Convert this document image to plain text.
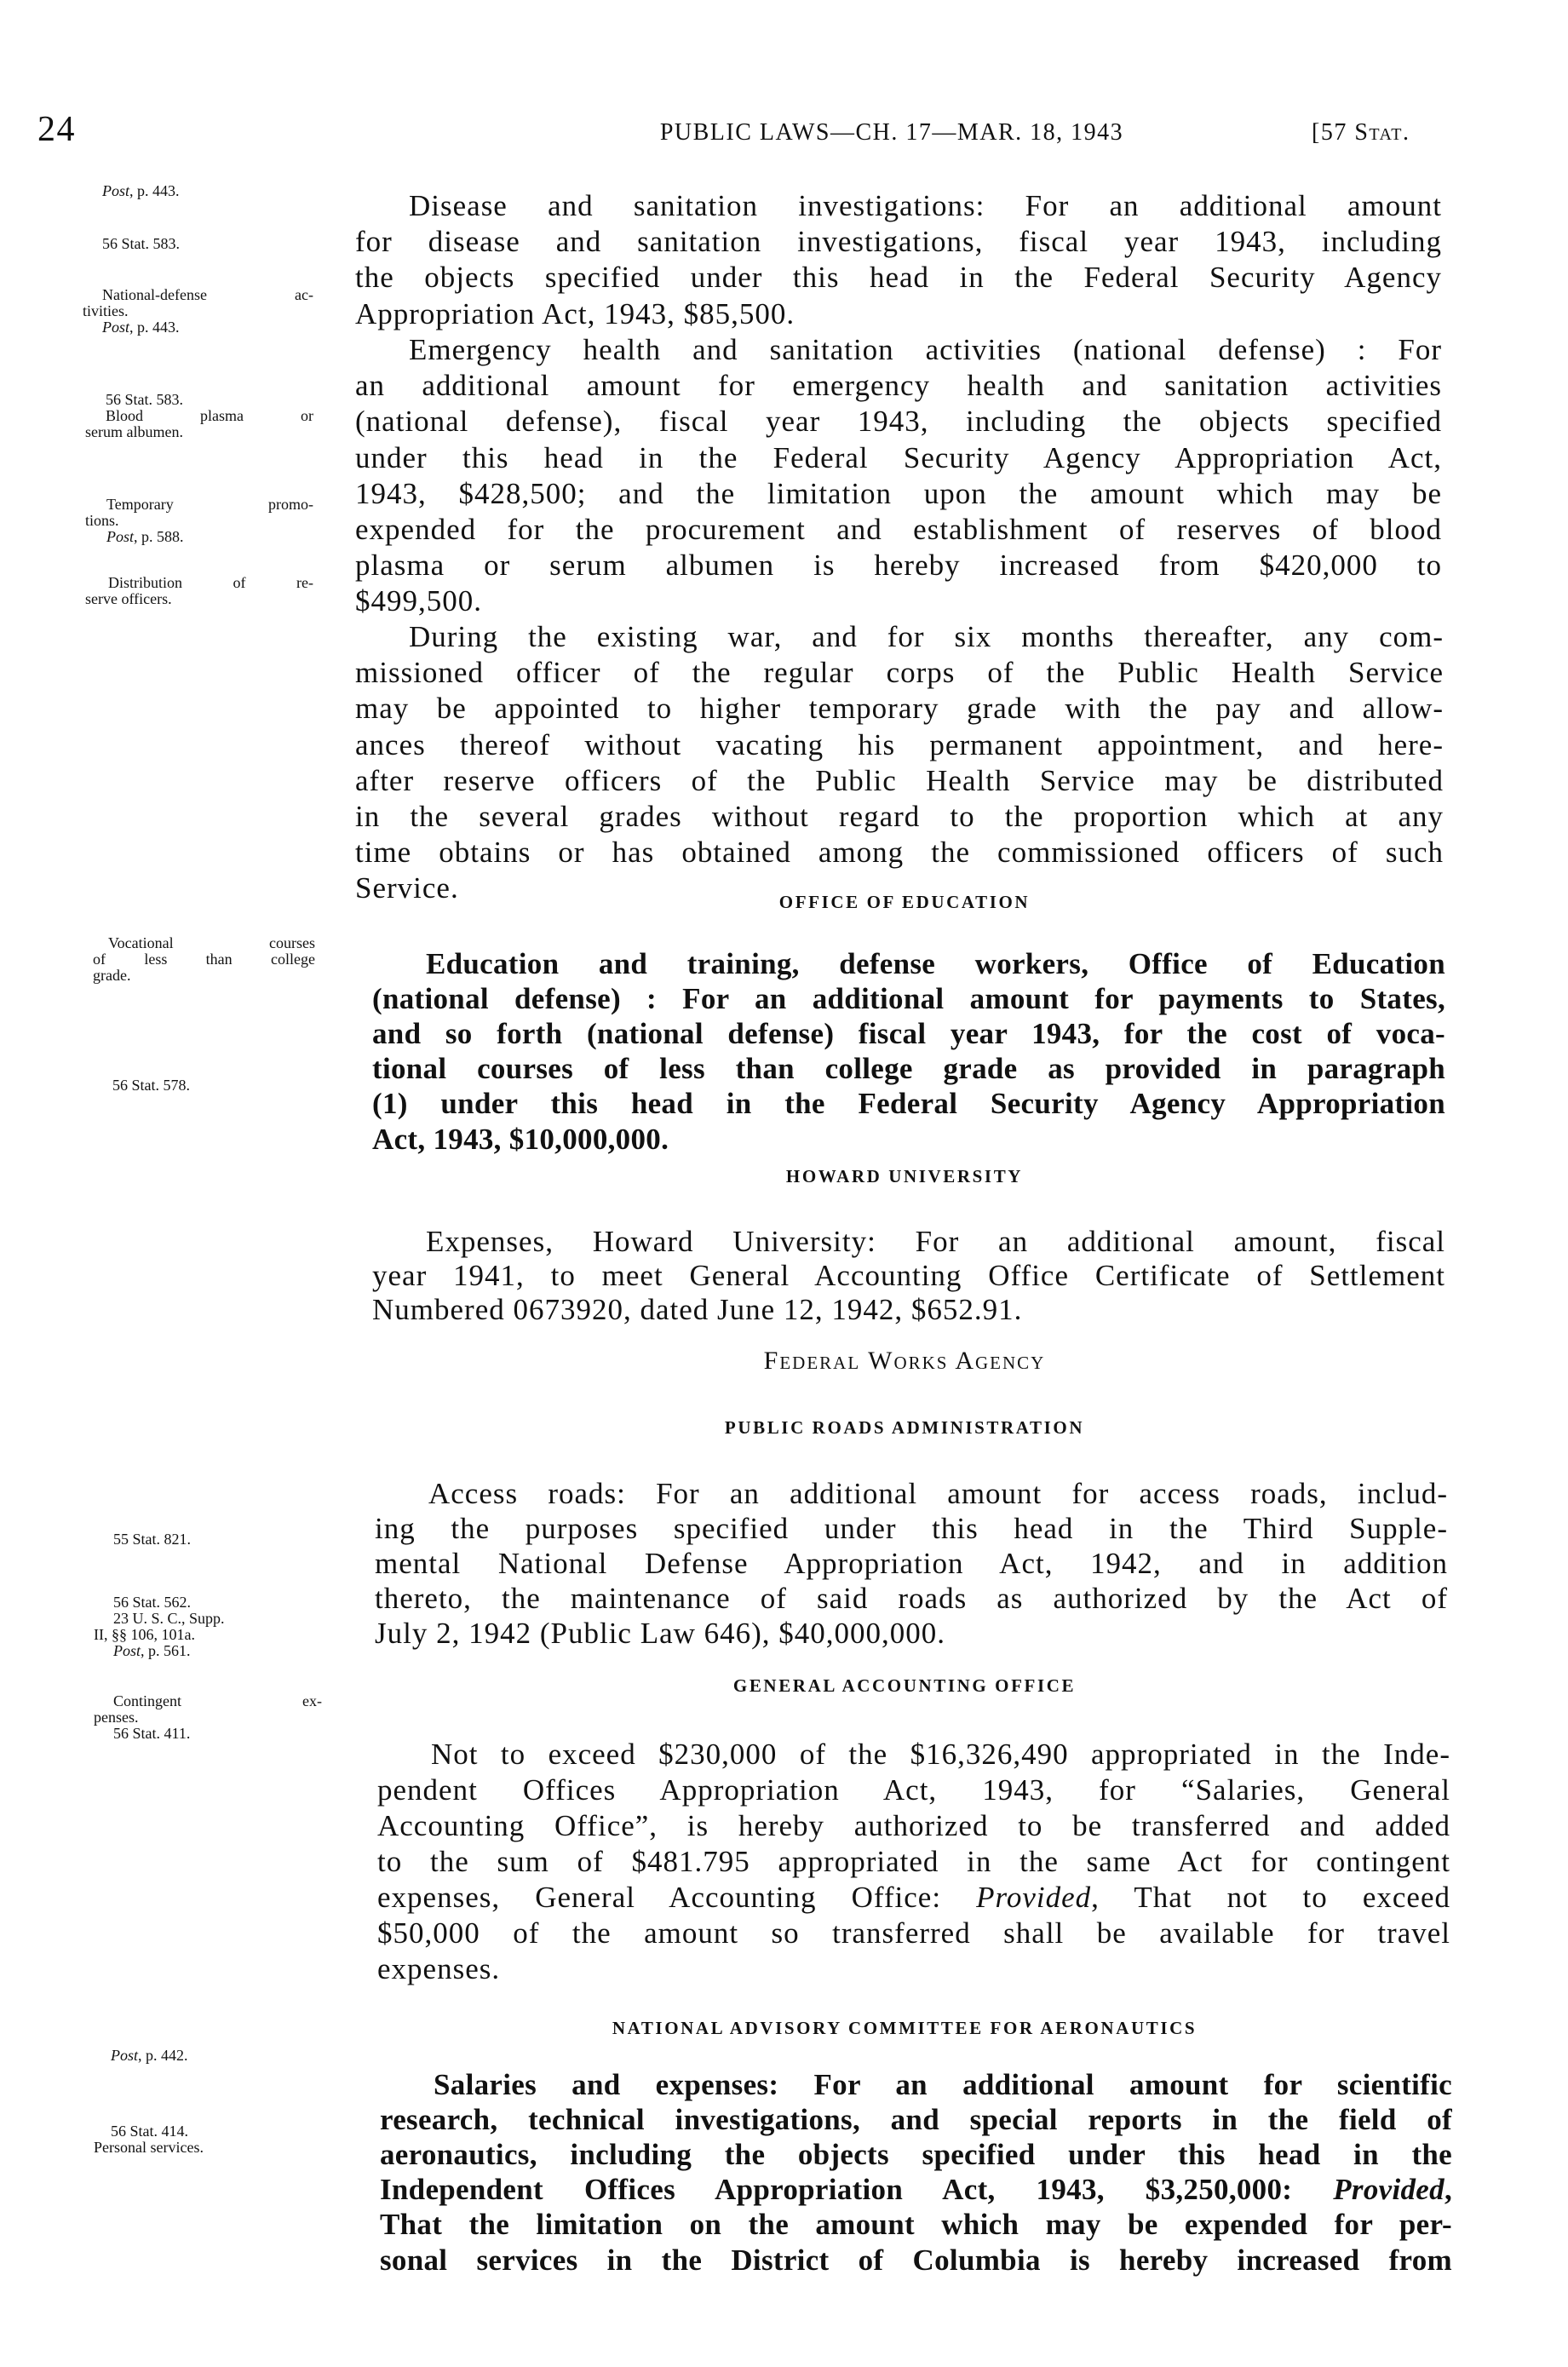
24	PUBLIC LAWS—CH. 17—MAR. 18, 1943	[57 Stat.
OFFICE OF EDUCATION
HOWARD UNIVERSITY
Federal Works Agency
PUBLIC ROADS ADMINISTRATION
GENERAL ACCOUNTING OFFICE
NATIONAL ADVISORY COMMITTEE FOR AERONAUTICS
Disease and sanitation investigations: For an additional amount
for disease and sanitation investigations, fiscal year 1943, including
the objects specified under this head in the Federal Security Agency
Appropriation Act, 1943, $85,500.
Emergency health and sanitation activities (national defense) : For
an additional amount for emergency health and sanitation activities
(national defense), fiscal year 1943, including the objects specified
under this head in the Federal Security Agency Appropriation Act,
1943, $428,500; and the limitation upon the amount which may be
expended for the procurement and establishment of reserves of blood
plasma or serum albumen is hereby increased from $420,000 to
$499,500.
During the existing war, and for six months thereafter, any com-
missioned officer of the regular corps of the Public Health Service
may be appointed to higher temporary grade with the pay and allow-
ances thereof without vacating his permanent appointment, and here-
after reserve officers of the Public Health Service may be distributed
in the several grades without regard to the proportion which at any
time obtains or has obtained among the commissioned officers of such
Service.
Education and training, defense workers, Office of Education
(national defense) : For an additional amount for payments to States,
and so forth (national defense) fiscal year 1943, for the cost of voca-
tional courses of less than college grade as provided in paragraph
(1) under this head in the Federal Security Agency Appropriation
Act, 1943, $10,000,000.
Expenses, Howard University: For an additional amount, fiscal
year 1941, to meet General Accounting Office Certificate of Settlement
Numbered 0673920, dated June 12, 1942, $652.91.
Access roads: For an additional amount for access roads, includ-
ing the purposes specified under this head in the Third Supple-
mental National Defense Appropriation Act, 1942, and in addition
thereto, the maintenance of said roads as authorized by the Act of
July 2, 1942 (Public Law 646), $40,000,000.
Not to exceed $230,000 of the $16,326,490 appropriated in the Inde-
pendent Offices Appropriation Act, 1943, for “Salaries, General
Accounting Office”, is hereby authorized to be transferred and added
to the sum of $481.795 appropriated in the same Act for contingent
expenses, General Accounting Office: Provided, That not to exceed
$50,000 of the amount so transferred shall be available for travel
expenses.
Salaries and expenses: For an additional amount for scientific
research, technical investigations, and special reports in the field of
aeronautics, including the objects specified under this head in the
Independent Offices Appropriation Act, 1943, $3,250,000: Provided,
That the limitation on the amount which may be expended for per-
sonal services in the District of Columbia is hereby increased from
Post, p. 443.
56 Stat. 583.
National-defense ac-
tivities.
Post, p. 443.
56 Stat. 583.
Blood plasma or
serum albumen.
Temporary promo-
tions.
Post, p. 588.
Distribution of re-
serve officers.
Vocational courses
of less than college
grade.
56 Stat. 578.
55 Stat. 821.
56 Stat. 562.
23 U. S. C., Supp.
II, §§ 106, 101a.
Post, p. 561.
Contingent ex-
penses.
56 Stat. 411.
Post, p. 442.
56 Stat. 414.
Personal services.
